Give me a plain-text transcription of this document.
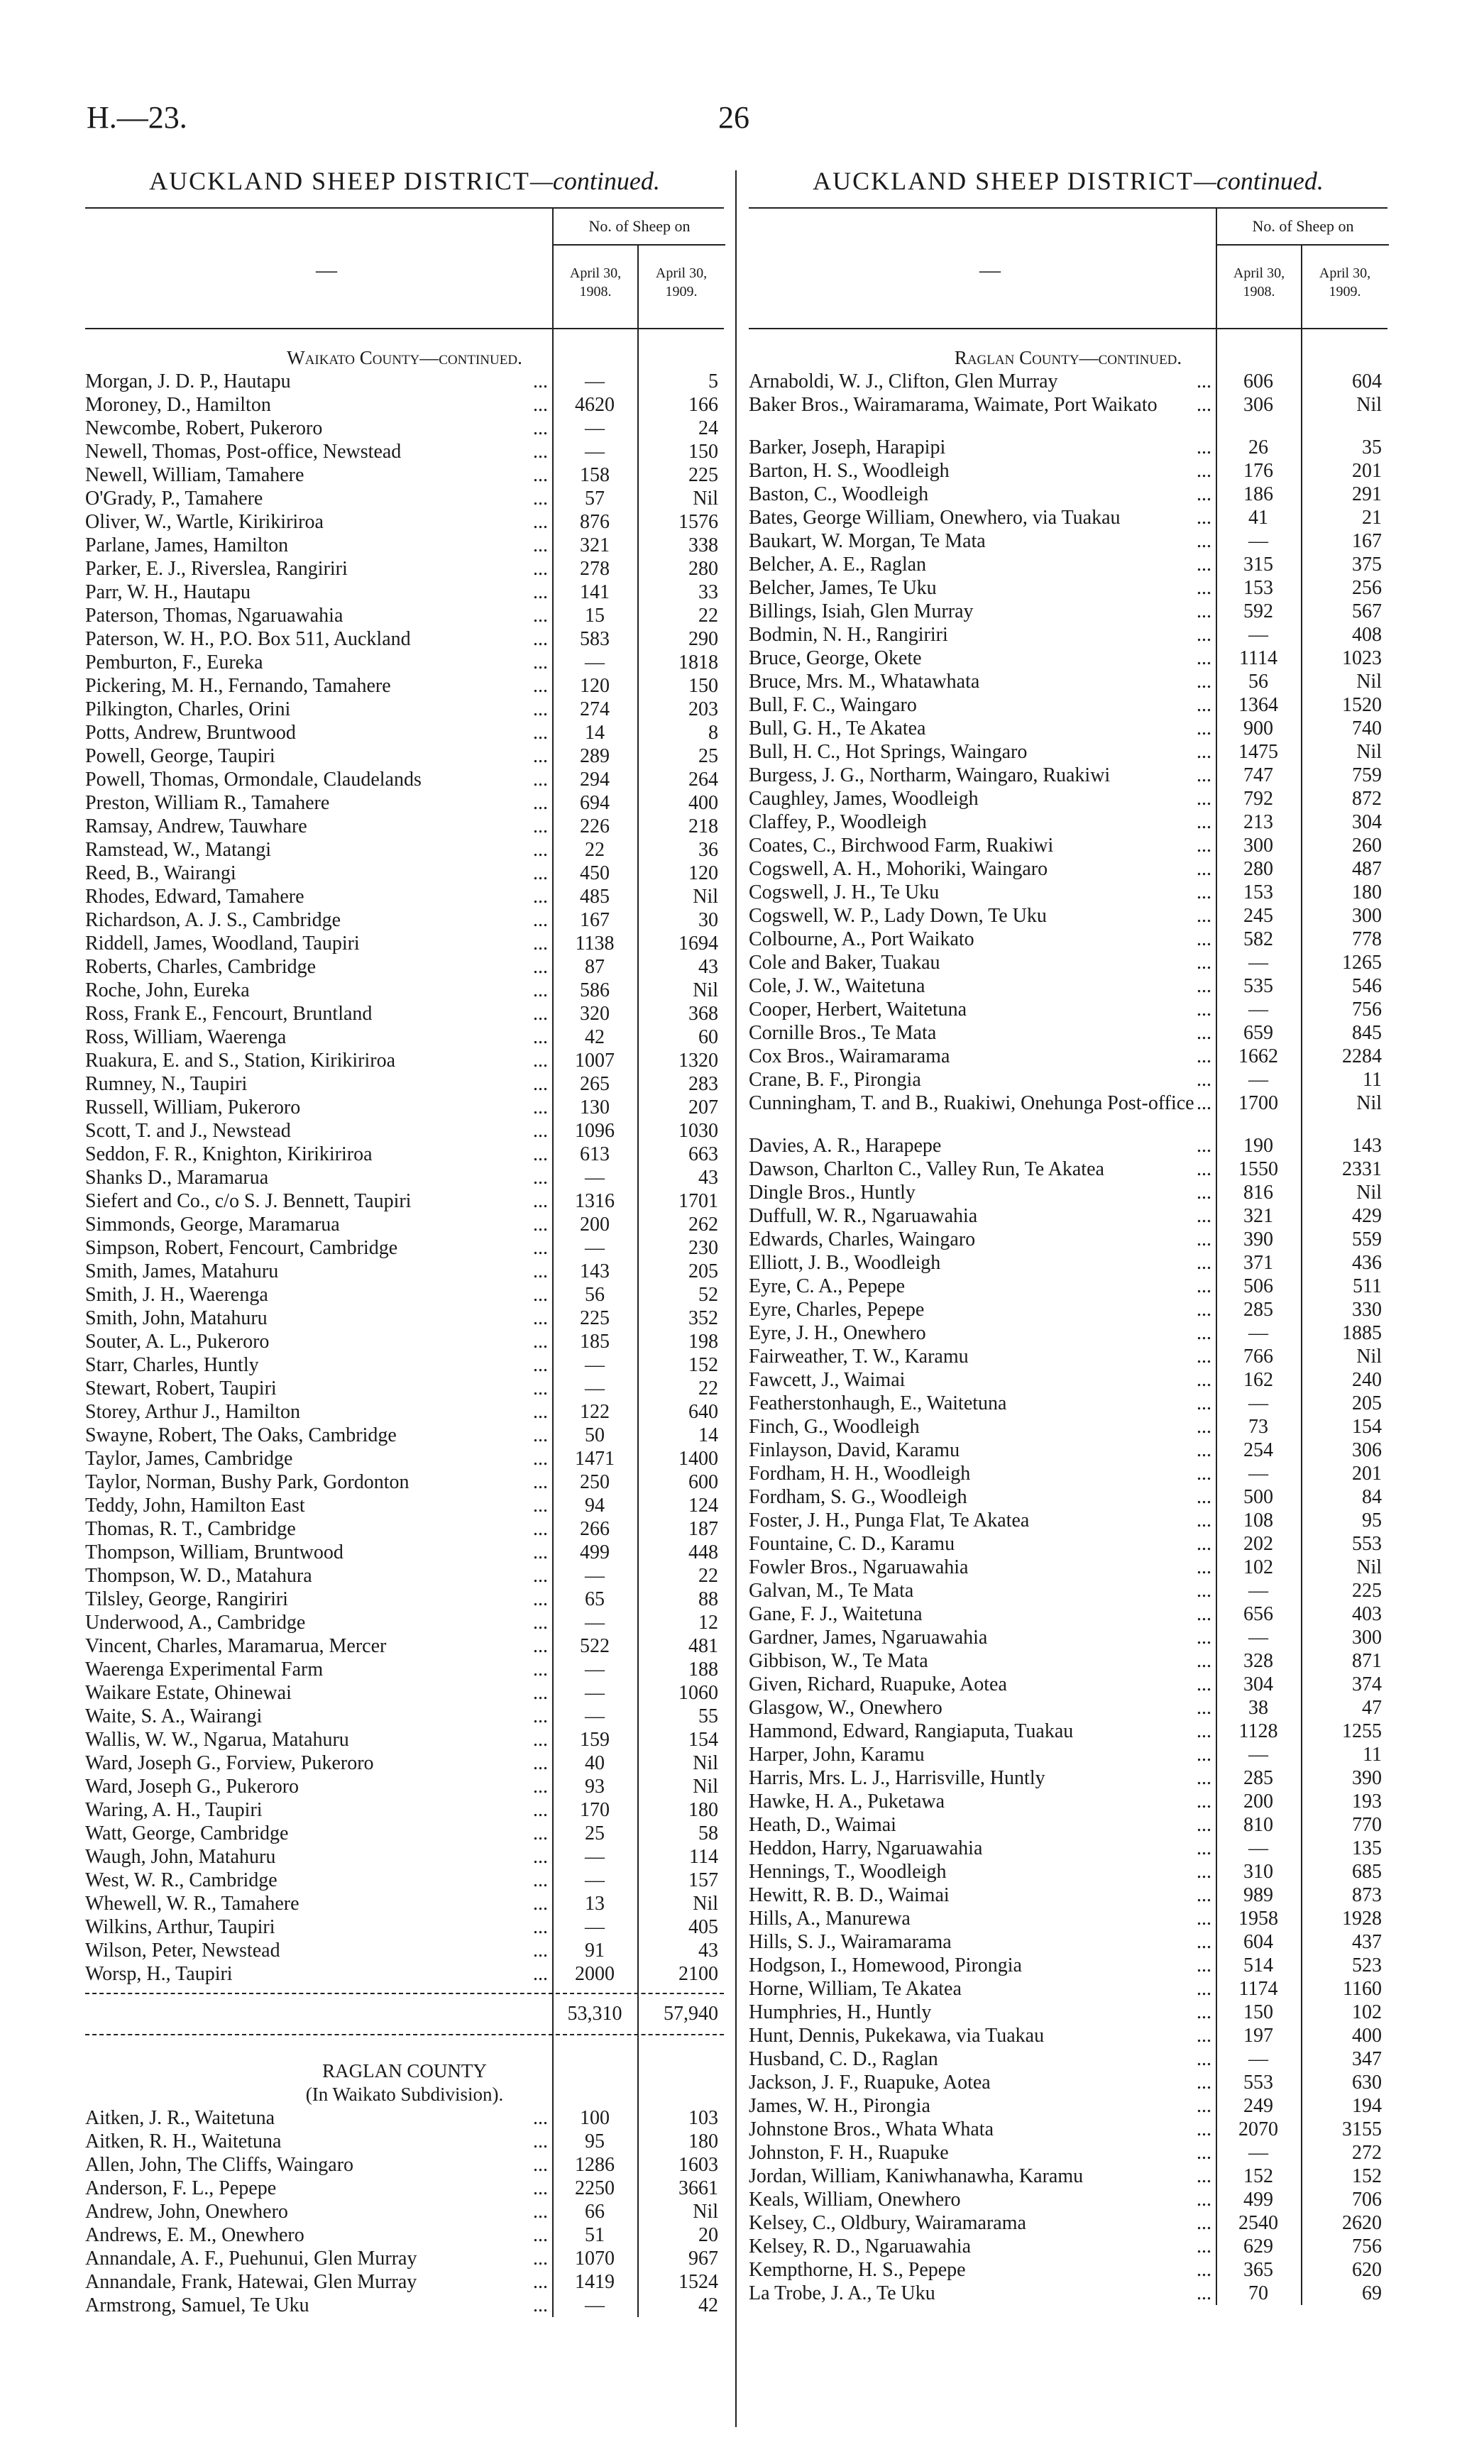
H.—23.	26
AUCKLAND SHEEP DISTRICT—continued.
—
No. of Sheep on
April 30, 1908.
April 30, 1909.
Waikato County—continued.
Morgan, J. D. P., Hautapu	...	—	5
Moroney, D., Hamilton	...	4620	166
Newcombe, Robert, Pukeroro	...	—	24
Newell, Thomas, Post-office, Newstead	...	—	150
Newell, William, Tamahere	...	158	225
O'Grady, P., Tamahere	...	57	Nil
Oliver, W., Wartle, Kirikiriroa	...	876	1576
Parlane, James, Hamilton	...	321	338
Parker, E. J., Riverslea, Rangiriri	...	278	280
Parr, W. H., Hautapu	...	141	33
Paterson, Thomas, Ngaruawahia	...	15	22
Paterson, W. H., P.O. Box 511, Auckland	...	583	290
Pemburton, F., Eureka	...	—	1818
Pickering, M. H., Fernando, Tamahere	...	120	150
Pilkington, Charles, Orini	...	274	203
Potts, Andrew, Bruntwood	...	14	8
Powell, George, Taupiri	...	289	25
Powell, Thomas, Ormondale, Claudelands	...	294	264
Preston, William R., Tamahere	...	694	400
Ramsay, Andrew, Tauwhare	...	226	218
Ramstead, W., Matangi	...	22	36
Reed, B., Wairangi	...	450	120
Rhodes, Edward, Tamahere	...	485	Nil
Richardson, A. J. S., Cambridge	...	167	30
Riddell, James, Woodland, Taupiri	...	1138	1694
Roberts, Charles, Cambridge	...	87	43
Roche, John, Eureka	...	586	Nil
Ross, Frank E., Fencourt, Bruntland	...	320	368
Ross, William, Waerenga	...	42	60
Ruakura, E. and S., Station, Kirikiriroa	...	1007	1320
Rumney, N., Taupiri	...	265	283
Russell, William, Pukeroro	...	130	207
Scott, T. and J., Newstead	...	1096	1030
Seddon, F. R., Knighton, Kirikiriroa	...	613	663
Shanks D., Maramarua	...	—	43
Siefert and Co., c/o S. J. Bennett, Taupiri	...	1316	1701
Simmonds, George, Maramarua	...	200	262
Simpson, Robert, Fencourt, Cambridge	...	—	230
Smith, James, Matahuru	...	143	205
Smith, J. H., Waerenga	...	56	52
Smith, John, Matahuru	...	225	352
Souter, A. L., Pukeroro	...	185	198
Starr, Charles, Huntly	...	—	152
Stewart, Robert, Taupiri	...	—	22
Storey, Arthur J., Hamilton	...	122	640
Swayne, Robert, The Oaks, Cambridge	...	50	14
Taylor, James, Cambridge	...	1471	1400
Taylor, Norman, Bushy Park, Gordonton	...	250	600
Teddy, John, Hamilton East	...	94	124
Thomas, R. T., Cambridge	...	266	187
Thompson, William, Bruntwood	...	499	448
Thompson, W. D., Matahura	...	—	22
Tilsley, George, Rangiriri	...	65	88
Underwood, A., Cambridge	...	—	12
Vincent, Charles, Maramarua, Mercer	...	522	481
Waerenga Experimental Farm	...	—	188
Waikare Estate, Ohinewai	...	—	1060
Waite, S. A., Wairangi	...	—	55
Wallis, W. W., Ngarua, Matahuru	...	159	154
Ward, Joseph G., Forview, Pukeroro	...	40	Nil
Ward, Joseph G., Pukeroro	...	93	Nil
Waring, A. H., Taupiri	...	170	180
Watt, George, Cambridge	...	25	58
Waugh, John, Matahuru	...	—	114
West, W. R., Cambridge	...	—	157
Whewell, W. R., Tamahere	...	13	Nil
Wilkins, Arthur, Taupiri	...	—	405
Wilson, Peter, Newstead	...	91	43
Worsp, H., Taupiri	...	2000	2100
53,310	57,940
RAGLAN COUNTY
(In Waikato Subdivision).
Aitken, J. R., Waitetuna	...	100	103
Aitken, R. H., Waitetuna	...	95	180
Allen, John, The Cliffs, Waingaro	...	1286	1603
Anderson, F. L., Pepepe	...	2250	3661
Andrew, John, Onewhero	...	66	Nil
Andrews, E. M., Onewhero	...	51	20
Annandale, A. F., Puehunui, Glen Murray	...	1070	967
Annandale, Frank, Hatewai, Glen Murray	...	1419	1524
Armstrong, Samuel, Te Uku	...	—	42
AUCKLAND SHEEP DISTRICT—continued.
—
No. of Sheep on
April 30, 1908.
April 30, 1909.
Raglan County—continued.
Arnaboldi, W. J., Clifton, Glen Murray	...	606	604
Baker Bros., Wairamarama, Waimate, Port Waikato	...	306	Nil
Barker, Joseph, Harapipi	...	26	35
Barton, H. S., Woodleigh	...	176	201
Baston, C., Woodleigh	...	186	291
Bates, George William, Onewhero, via Tuakau	...	41	21
Baukart, W. Morgan, Te Mata	...	—	167
Belcher, A. E., Raglan	...	315	375
Belcher, James, Te Uku	...	153	256
Billings, Isiah, Glen Murray	...	592	567
Bodmin, N. H., Rangiriri	...	—	408
Bruce, George, Okete	...	1114	1023
Bruce, Mrs. M., Whatawhata	...	56	Nil
Bull, F. C., Waingaro	...	1364	1520
Bull, G. H., Te Akatea	...	900	740
Bull, H. C., Hot Springs, Waingaro	...	1475	Nil
Burgess, J. G., Northarm, Waingaro, Ruakiwi	...	747	759
Caughley, James, Woodleigh	...	792	872
Claffey, P., Woodleigh	...	213	304
Coates, C., Birchwood Farm, Ruakiwi	...	300	260
Cogswell, A. H., Mohoriki, Waingaro	...	280	487
Cogswell, J. H., Te Uku	...	153	180
Cogswell, W. P., Lady Down, Te Uku	...	245	300
Colbourne, A., Port Waikato	...	582	778
Cole and Baker, Tuakau	...	—	1265
Cole, J. W., Waitetuna	...	535	546
Cooper, Herbert, Waitetuna	...	—	756
Cornille Bros., Te Mata	...	659	845
Cox Bros., Wairamarama	...	1662	2284
Crane, B. F., Pirongia	...	—	11
Cunningham, T. and B., Ruakiwi, Onehunga Post-office ...	1700	Nil
Davies, A. R., Harapepe	...	190	143
Dawson, Charlton C., Valley Run, Te Akatea	...	1550	2331
Dingle Bros., Huntly	...	816	Nil
Duffull, W. R., Ngaruawahia	...	321	429
Edwards, Charles, Waingaro	...	390	559
Elliott, J. B., Woodleigh	...	371	436
Eyre, C. A., Pepepe	...	506	511
Eyre, Charles, Pepepe	...	285	330
Eyre, J. H., Onewhero	...	—	1885
Fairweather, T. W., Karamu	...	766	Nil
Fawcett, J., Waimai	...	162	240
Featherstonhaugh, E., Waitetuna	...	—	205
Finch, G., Woodleigh	...	73	154
Finlayson, David, Karamu	...	254	306
Fordham, H. H., Woodleigh	...	—	201
Fordham, S. G., Woodleigh	...	500	84
Foster, J. H., Punga Flat, Te Akatea	...	108	95
Fountaine, C. D., Karamu	...	202	553
Fowler Bros., Ngaruawahia	...	102	Nil
Galvan, M., Te Mata	...	—	225
Gane, F. J., Waitetuna	...	656	403
Gardner, James, Ngaruawahia	...	—	300
Gibbison, W., Te Mata	...	328	871
Given, Richard, Ruapuke, Aotea	...	304	374
Glasgow, W., Onewhero	...	38	47
Hammond, Edward, Rangiaputa, Tuakau	...	1128	1255
Harper, John, Karamu	...	—	11
Harris, Mrs. L. J., Harrisville, Huntly	...	285	390
Hawke, H. A., Puketawa	...	200	193
Heath, D., Waimai	...	810	770
Heddon, Harry, Ngaruawahia	...	—	135
Hennings, T., Woodleigh	...	310	685
Hewitt, R. B. D., Waimai	...	989	873
Hills, A., Manurewa	...	1958	1928
Hills, S. J., Wairamarama	...	604	437
Hodgson, I., Homewood, Pirongia	...	514	523
Horne, William, Te Akatea	...	1174	1160
Humphries, H., Huntly	...	150	102
Hunt, Dennis, Pukekawa, via Tuakau	...	197	400
Husband, C. D., Raglan	...	—	347
Jackson, J. F., Ruapuke, Aotea	...	553	630
James, W. H., Pirongia	...	249	194
Johnstone Bros., Whata Whata	...	2070	3155
Johnston, F. H., Ruapuke	...	—	272
Jordan, William, Kaniwhanawha, Karamu	...	152	152
Keals, William, Onewhero	...	499	706
Kelsey, C., Oldbury, Wairamarama	...	2540	2620
Kelsey, R. D., Ngaruawahia	...	629	756
Kempthorne, H. S., Pepepe	...	365	620
La Trobe, J. A., Te Uku	...	70	69
